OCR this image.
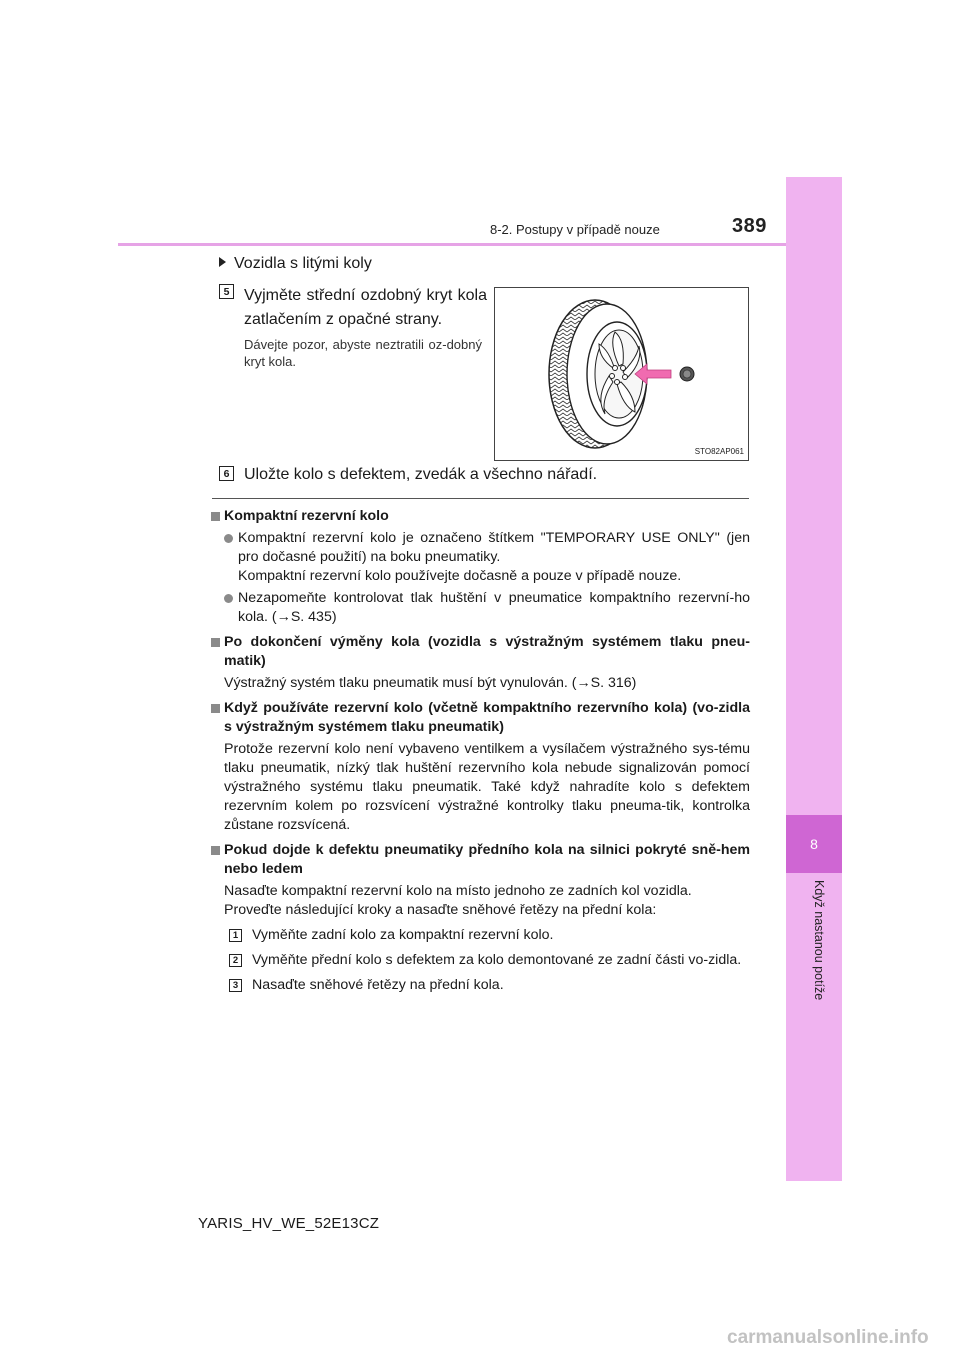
8-2. Postupy v případě nouze	389
8
Když nastanou potíže
Vozidla s litými koly
5 Vyjměte střední ozdobný kryt kola zatlačením z opačné strany.
Dávejte pozor, abyste neztratili oz-dobný kryt kola.
STO82AP061
6 Uložte kolo s defektem, zvedák a všechno nářadí.
Kompaktní rezervní kolo
Kompaktní rezervní kolo je označeno štítkem "TEMPORARY USE ONLY" (jen pro dočasné použití) na boku pneumatiky.
Kompaktní rezervní kolo používejte dočasně a pouze v případě nouze.
Nezapomeňte kontrolovat tlak huštění v pneumatice kompaktního rezervní-ho kola. (→S. 435)
Po dokončení výměny kola (vozidla s výstražným systémem tlaku pneu-matik)
Výstražný systém tlaku pneumatik musí být vynulován. (→S. 316)
Když používáte rezervní kolo (včetně kompaktního rezervního kola) (vo-zidla s výstražným systémem tlaku pneumatik)
Protože rezervní kolo není vybaveno ventilkem a vysílačem výstražného sys-tému tlaku pneumatik, nízký tlak huštění rezervního kola nebude signalizován pomocí výstražného systému tlaku pneumatik. Také když nahradíte kolo s defektem rezervním kolem po rozsvícení výstražné kontrolky tlaku pneuma-tik, kontrolka zůstane rozsvícená.
Pokud dojde k defektu pneumatiky předního kola na silnici pokryté sně-hem nebo ledem
Nasaďte kompaktní rezervní kolo na místo jednoho ze zadních kol vozidla.
Proveďte následující kroky a nasaďte sněhové řetězy na přední kola:
1 Vyměňte zadní kolo za kompaktní rezervní kolo.
2 Vyměňte přední kolo s defektem za kolo demontované ze zadní části vo-zidla.
3 Nasaďte sněhové řetězy na přední kola.
YARIS_HV_WE_52E13CZ
carmanualsonline.info
